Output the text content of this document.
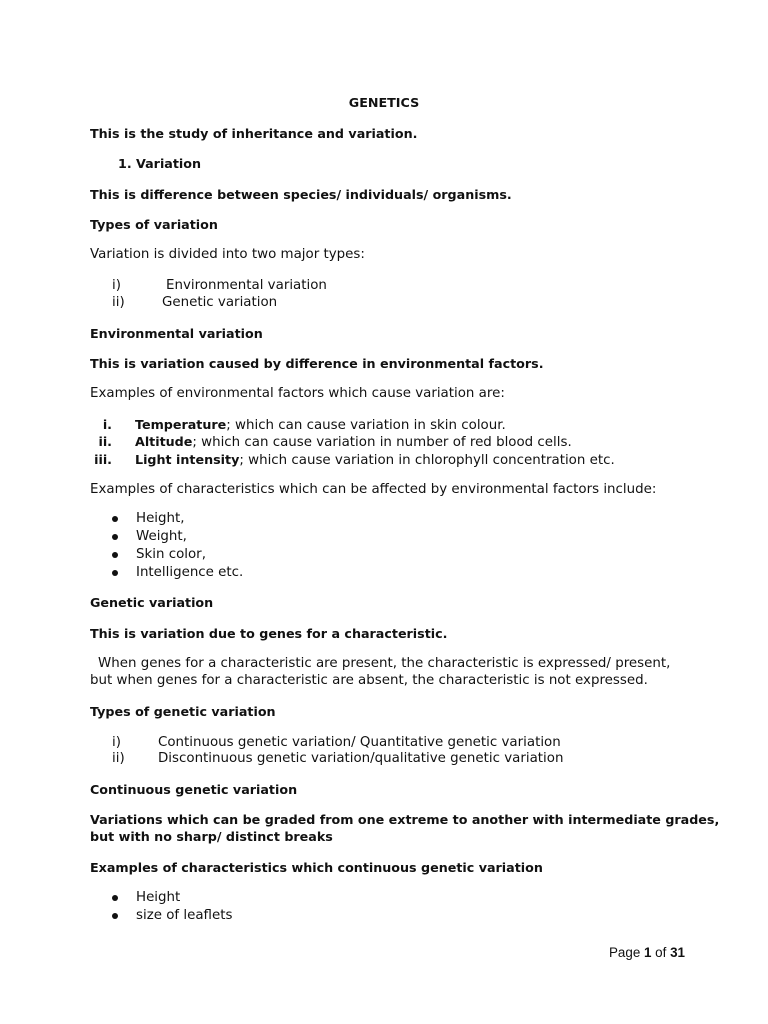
GENETICS
This is the study of inheritance and variation.
1. Variation
This is difference between species/ individuals/ organisms.
Types of variation
Variation is divided into two major types:
i)	Environmental variation
ii)	Genetic variation
Environmental variation
This is variation caused by difference in environmental factors.
Examples of environmental factors which cause variation are:
i. Temperature; which can cause variation in skin colour.
ii. Altitude; which can cause variation in number of red blood cells.
iii. Light intensity; which cause variation in chlorophyll concentration etc.
Examples of characteristics which can be affected by environmental factors include:
Height,
Weight,
Skin color,
Intelligence etc.
Genetic variation
This is variation due to genes for a characteristic.
When genes for a characteristic are present, the characteristic is expressed/ present,
but when genes for a characteristic are absent, the characteristic is not expressed.
Types of genetic variation
i)	Continuous genetic variation/ Quantitative genetic variation
ii) Discontinuous genetic variation/qualitative genetic variation
Continuous genetic variation
Variations which can be graded from one extreme to another with intermediate grades,
but with no sharp/ distinct breaks
Examples of characteristics which continuous genetic variation
Height
size of leaflets
Page 1 of 31
